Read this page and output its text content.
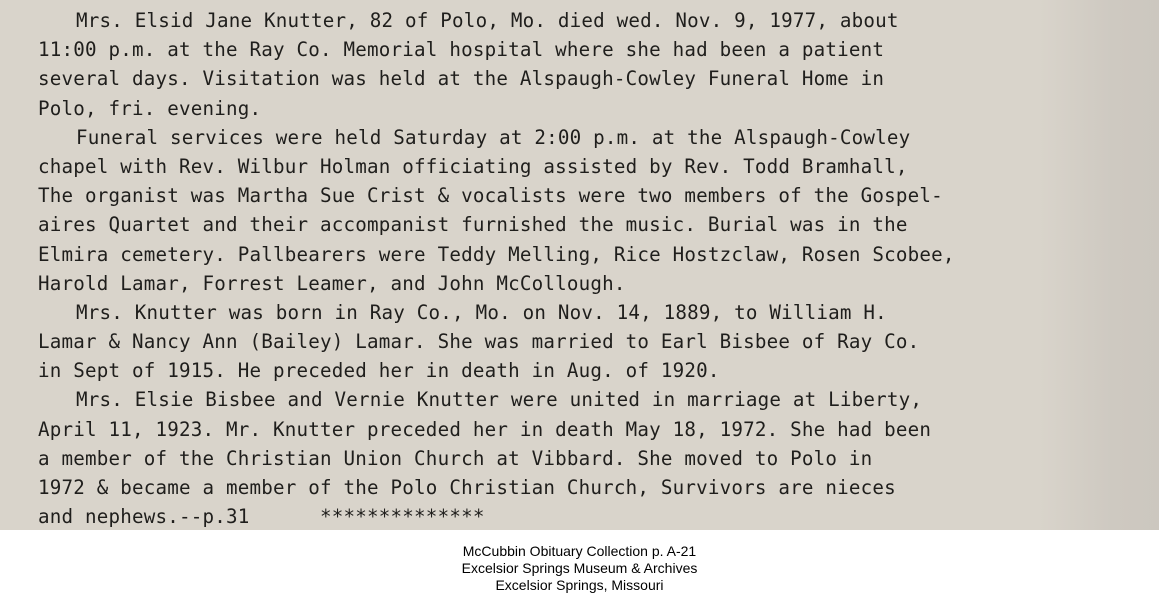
Mrs. Elsid Jane Knutter, 82 of Polo, Mo. died wed. Nov. 9, 1977, about
11:00 p.m. at the Ray Co. Memorial hospital where she had been a patient
several days. Visitation was held at the Alspaugh-Cowley Funeral Home in
Polo, fri. evening.
Funeral services were held Saturday at 2:00 p.m. at the Alspaugh-Cowley
chapel with Rev. Wilbur Holman officiating assisted by Rev. Todd Bramhall,
The organist was Martha Sue Crist & vocalists were two members of the Gospel-
aires Quartet and their accompanist furnished the music. Burial was in the
Elmira cemetery. Pallbearers were Teddy Melling, Rice Hostzclaw, Rosen Scobee,
Harold Lamar, Forrest Leamer, and John McCollough.
Mrs. Knutter was born in Ray Co., Mo. on Nov. 14, 1889, to William H.
Lamar & Nancy Ann (Bailey) Lamar. She was married to Earl Bisbee of Ray Co.
in Sept of 1915. He preceded her in death in Aug. of 1920.
Mrs. Elsie Bisbee and Vernie Knutter were united in marriage at Liberty,
April 11, 1923. Mr. Knutter preceded her in death May 18, 1972. She had been
a member of the Christian Union Church at Vibbard. She moved to Polo in
1972 & became a member of the Polo Christian Church, Survivors are nieces
and nephews.--p.31      **************
McCubbin Obituary Collection p. A-21
Excelsior Springs Museum & Archives
Excelsior Springs, Missouri
